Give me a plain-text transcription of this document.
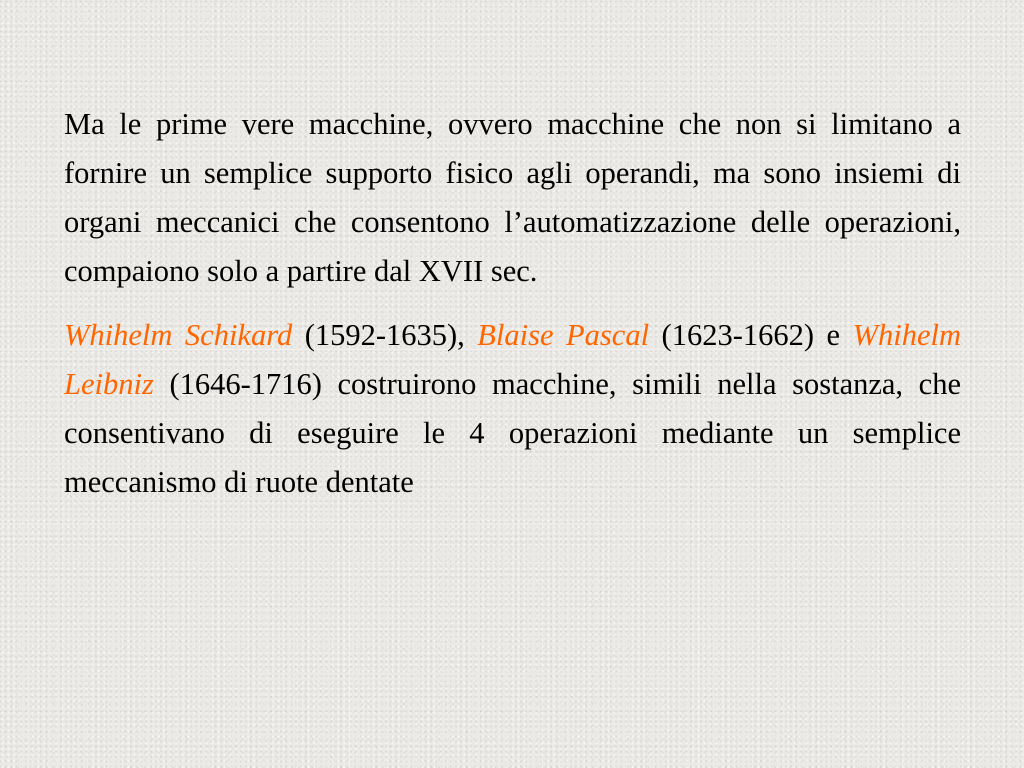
Ma le prime vere macchine, ovvero macchine che non si limitano a fornire un semplice supporto fisico agli operandi, ma sono insiemi di organi meccanici che consentono l’automatizzazione delle operazioni, compaiono solo a partire dal XVII sec.

Whihelm Schikard (1592-1635), Blaise Pascal (1623-1662) e Whihelm Leibniz (1646-1716) costruirono macchine, simili nella sostanza, che consentivano di eseguire le 4 operazioni mediante un semplice meccanismo di ruote dentate
